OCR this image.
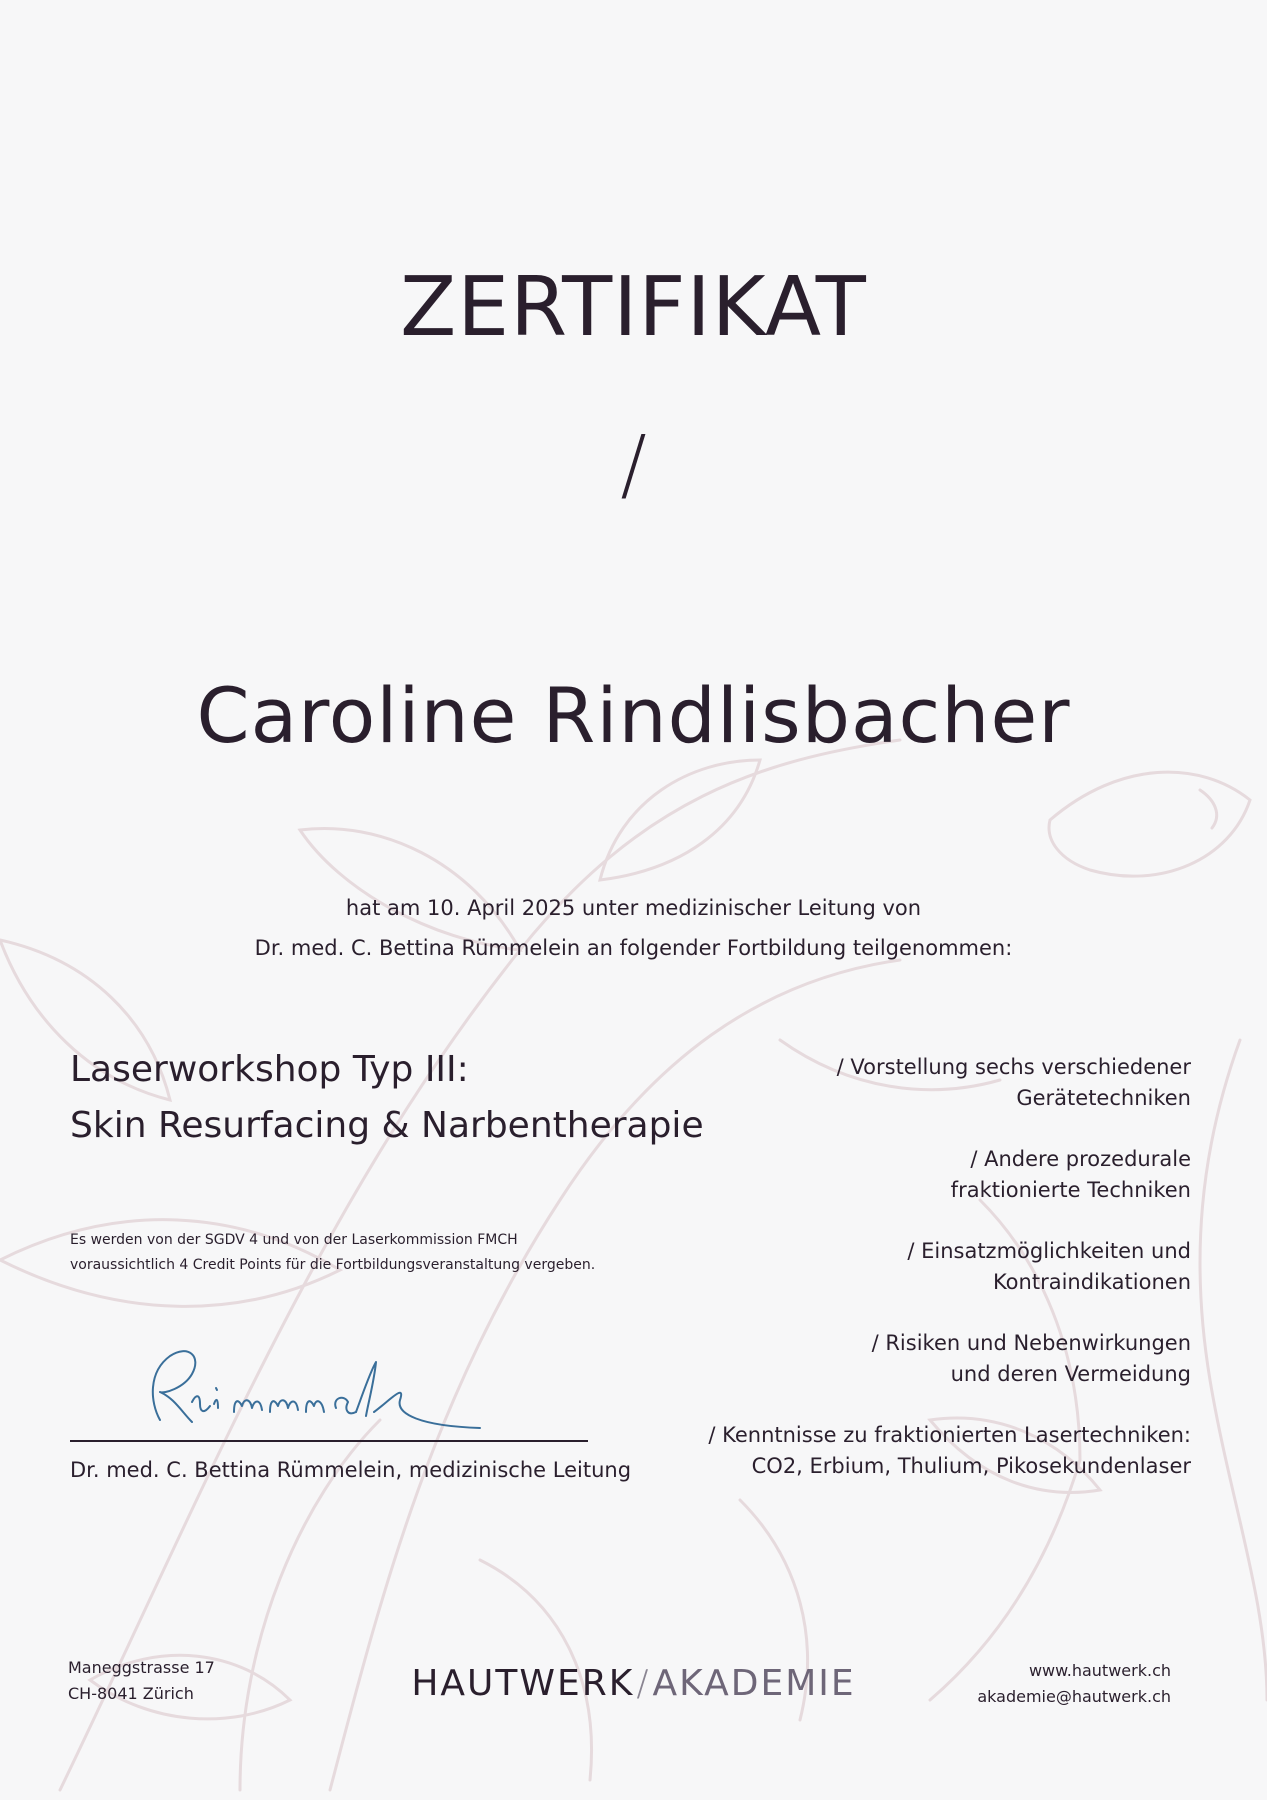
ZERTIFIKAT
/
Caroline Rindlisbacher
hat am 10. April 2025 unter medizinischer Leitung von
Dr. med. C. Bettina Rümmelein an folgender Fortbildung teilgenommen:
Laserworkshop Typ III:
Skin Resurfacing & Narbentherapie
Es werden von der SGDV 4 und von der Laserkommission FMCH
voraussichtlich 4 Credit Points für die Fortbildungsveranstaltung vergeben.
/ Vorstellung sechs verschiedener
Gerätetechniken
/ Andere prozedurale
fraktionierte Techniken
/ Einsatzmöglichkeiten und
Kontraindikationen
/ Risiken und Nebenwirkungen
und deren Vermeidung
/ Kenntnisse zu fraktionierten Lasertechniken:
CO2, Erbium, Thulium, Pikosekundenlaser
Dr. med. C. Bettina Rümmelein, medizinische Leitung
Maneggstrasse 17
CH-8041 Zürich	HAUTWERK/AKADEMIE	www.hautwerk.ch
akademie@hautwerk.ch
